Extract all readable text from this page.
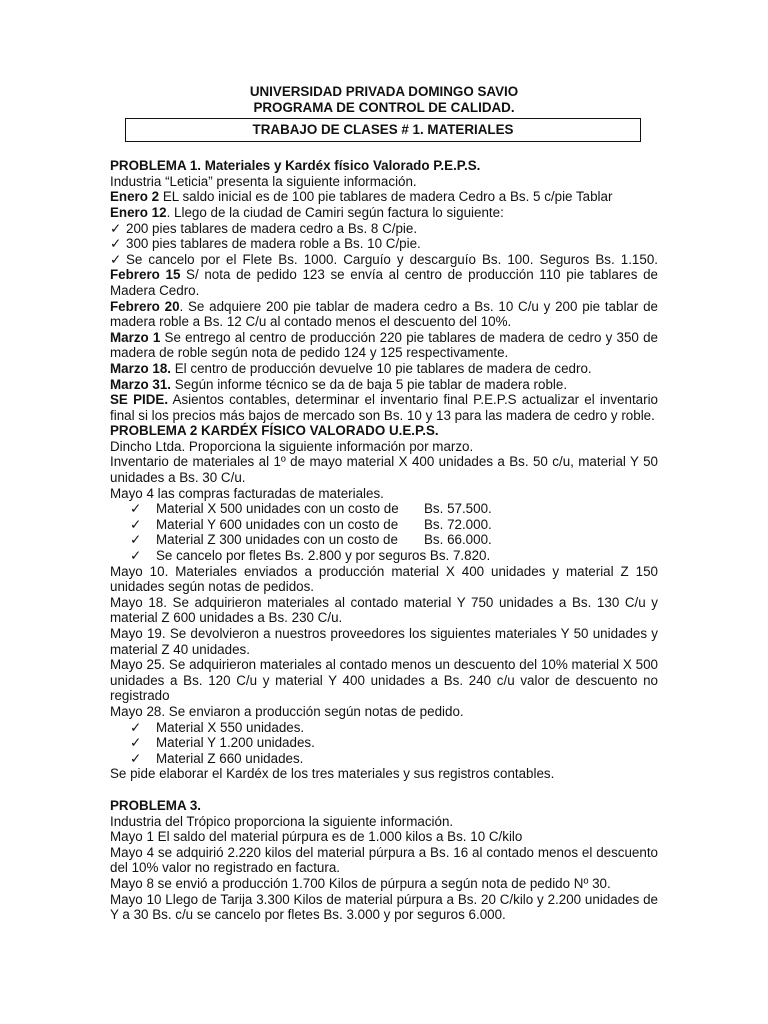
UNIVERSIDAD PRIVADA DOMINGO SAVIO
PROGRAMA DE CONTROL DE CALIDAD.
TRABAJO DE CLASES # 1. MATERIALES
PROBLEMA 1. Materiales y Kardéx físico Valorado P.E.P.S.
Industria “Leticia” presenta la siguiente información.
Enero 2 EL saldo inicial es de 100 pie tablares de madera Cedro a Bs. 5 c/pie Tablar
Enero 12. Llego de la ciudad de Camiri según factura lo siguiente:
✓ 200 pies tablares de madera cedro a Bs. 8 C/pie.
✓ 300 pies tablares de madera roble a Bs. 10 C/pie.
✓ Se cancelo por el Flete Bs. 1000. Carguío y descarguío Bs. 100. Seguros Bs. 1.150.
Febrero 15 S/ nota de pedido 123 se envía al centro de producción 110 pie tablares de Madera Cedro.
Febrero 20. Se adquiere 200 pie tablar de madera cedro a Bs. 10 C/u y 200 pie tablar de madera roble a Bs. 12 C/u al contado menos el descuento del 10%.
Marzo 1 Se entrego al centro de producción 220 pie tablares de madera de cedro y 350 de madera de roble según nota de pedido 124 y 125 respectivamente.
Marzo 18. El centro de producción devuelve 10 pie tablares de madera de cedro.
Marzo 31. Según informe técnico se da de baja 5 pie tablar de madera roble.
SE PIDE. Asientos contables, determinar el inventario final P.E.P.S actualizar el inventario final si los precios más bajos de mercado son Bs. 10 y 13 para las madera de cedro y roble.
PROBLEMA 2 KARDÉX FÍSICO VALORADO U.E.P.S.
Dincho Ltda. Proporciona la siguiente información por marzo.
Inventario de materiales al 1º de mayo material X 400 unidades a Bs. 50 c/u, material Y 50 unidades a Bs. 30 C/u.
Mayo 4 las compras facturadas de materiales.
✓	Material X 500 unidades con un costo de	Bs. 57.500.
✓	Material Y 600 unidades con un costo de	Bs. 72.000.
✓	Material Z 300 unidades con un costo de	Bs. 66.000.
✓ Se cancelo por fletes Bs. 2.800 y por seguros Bs. 7.820.
Mayo 10. Materiales enviados a producción material X 400 unidades y material Z 150 unidades según notas de pedidos.
Mayo 18. Se adquirieron materiales al contado material Y 750 unidades a Bs. 130 C/u y material Z 600 unidades a Bs. 230 C/u.
Mayo 19. Se devolvieron a nuestros proveedores los siguientes materiales Y 50 unidades y material Z 40 unidades.
Mayo 25. Se adquirieron materiales al contado menos un descuento del 10% material X 500 unidades a Bs. 120 C/u y material Y 400 unidades a Bs. 240 c/u valor de descuento no registrado
Mayo 28. Se enviaron a producción según notas de pedido.
✓ Material X 550 unidades.
✓ Material Y 1.200 unidades.
✓ Material Z 660 unidades.
Se pide elaborar el Kardéx de los tres materiales y sus registros contables.
PROBLEMA 3.
Industria del Trópico proporciona la siguiente información.
Mayo 1 El saldo del material púrpura es de 1.000 kilos a Bs. 10 C/kilo
Mayo 4 se adquirió 2.220 kilos del material púrpura a Bs. 16 al contado menos el descuento del 10% valor no registrado en factura.
Mayo 8 se envió a producción 1.700 Kilos de púrpura a según nota de pedido Nº 30.
Mayo 10 Llego de Tarija 3.300 Kilos de material púrpura a Bs. 20 C/kilo y 2.200 unidades de Y a 30 Bs. c/u se cancelo por fletes Bs. 3.000 y por seguros 6.000.
